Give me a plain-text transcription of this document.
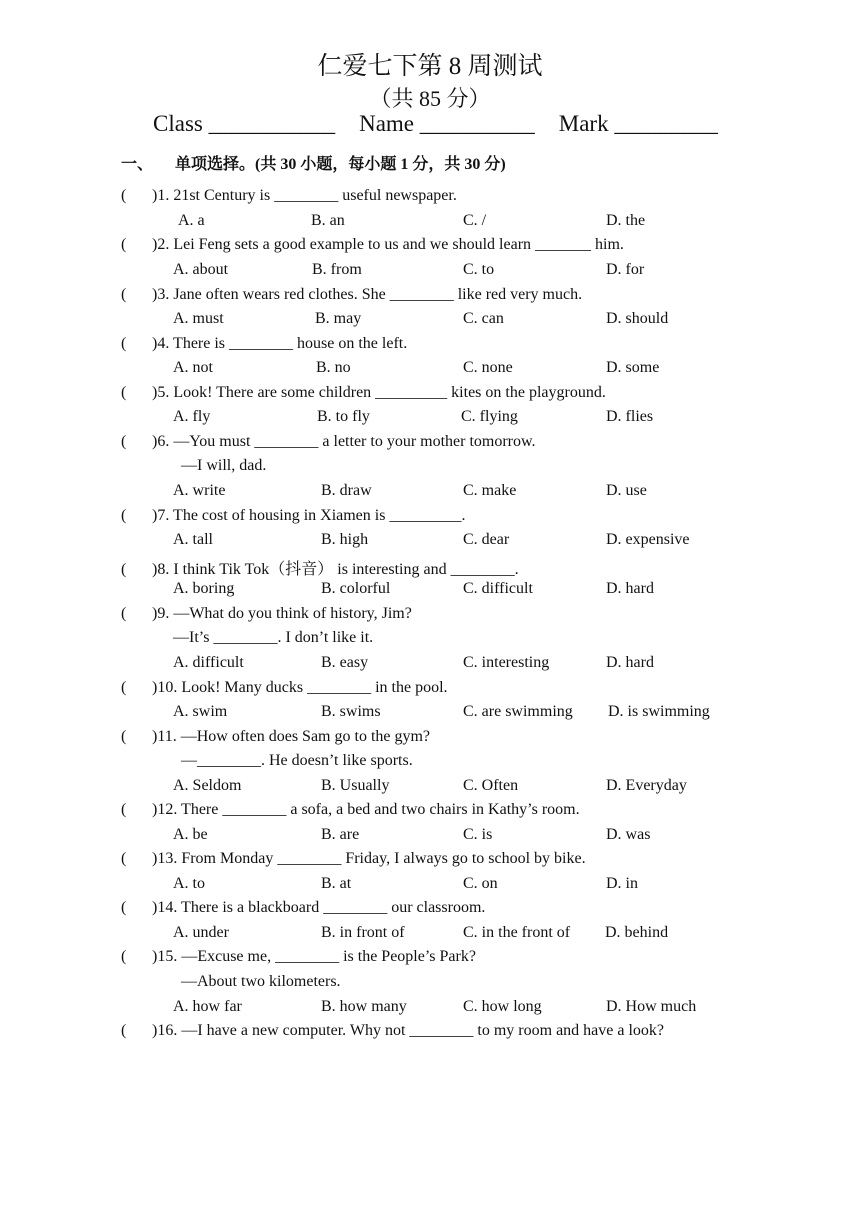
仁爱七下第 8 周测试
（共 85 分）
Class ___________ Name __________ Mark _________
一、 单项选择。(共 30 小题，每小题 1 分，共 30 分)
( )1. 21st Century is ________ useful newspaper.
A. a	B. an	C. /	D. the
( )2. Lei Feng sets a good example to us and we should learn _______ him.
A. about	B. from	C. to	D. for
( )3. Jane often wears red clothes. She ________ like red very much.
A. must	B. may	C. can	D. should
( )4. There is ________ house on the left.
A. not	B. no	C. none	D. some
( )5. Look! There are some children _________ kites on the playground.
A. fly	B. to fly	C. flying	D. flies
( )6. —You must ________ a letter to your mother tomorrow.
—I will, dad.
A. write	B. draw	C. make	D. use
( )7. The cost of housing in Xiamen is _________.
A. tall	B. high	C. dear	D. expensive
( )8. I think Tik Tok（抖音） is interesting and ________.
A. boring	B. colorful	C. difficult	D. hard
( )9. —What do you think of history, Jim?
—It’s ________. I don’t like it.
A. difficult	B. easy	C. interesting	D. hard
( )10. Look! Many ducks ________ in the pool.
A. swim	B. swims	C. are swimming D. is swimming
( )11. —How often does Sam go to the gym?
—________. He doesn’t like sports.
A. Seldom	B. Usually	C. Often	D. Everyday
( )12. There ________ a sofa, a bed and two chairs in Kathy’s room.
A. be	B. are	C. is	D. was
( )13. From Monday ________ Friday, I always go to school by bike.
A. to	B. at	C. on	D. in
( )14. There is a blackboard ________ our classroom.
A. under	B. in front of	C. in the front of D. behind
( )15. —Excuse me, ________ is the People’s Park?
—About two kilometers.
A. how far	B. how many	C. how long	D. How much
( )16. —I have a new computer. Why not ________ to my room and have a look?
